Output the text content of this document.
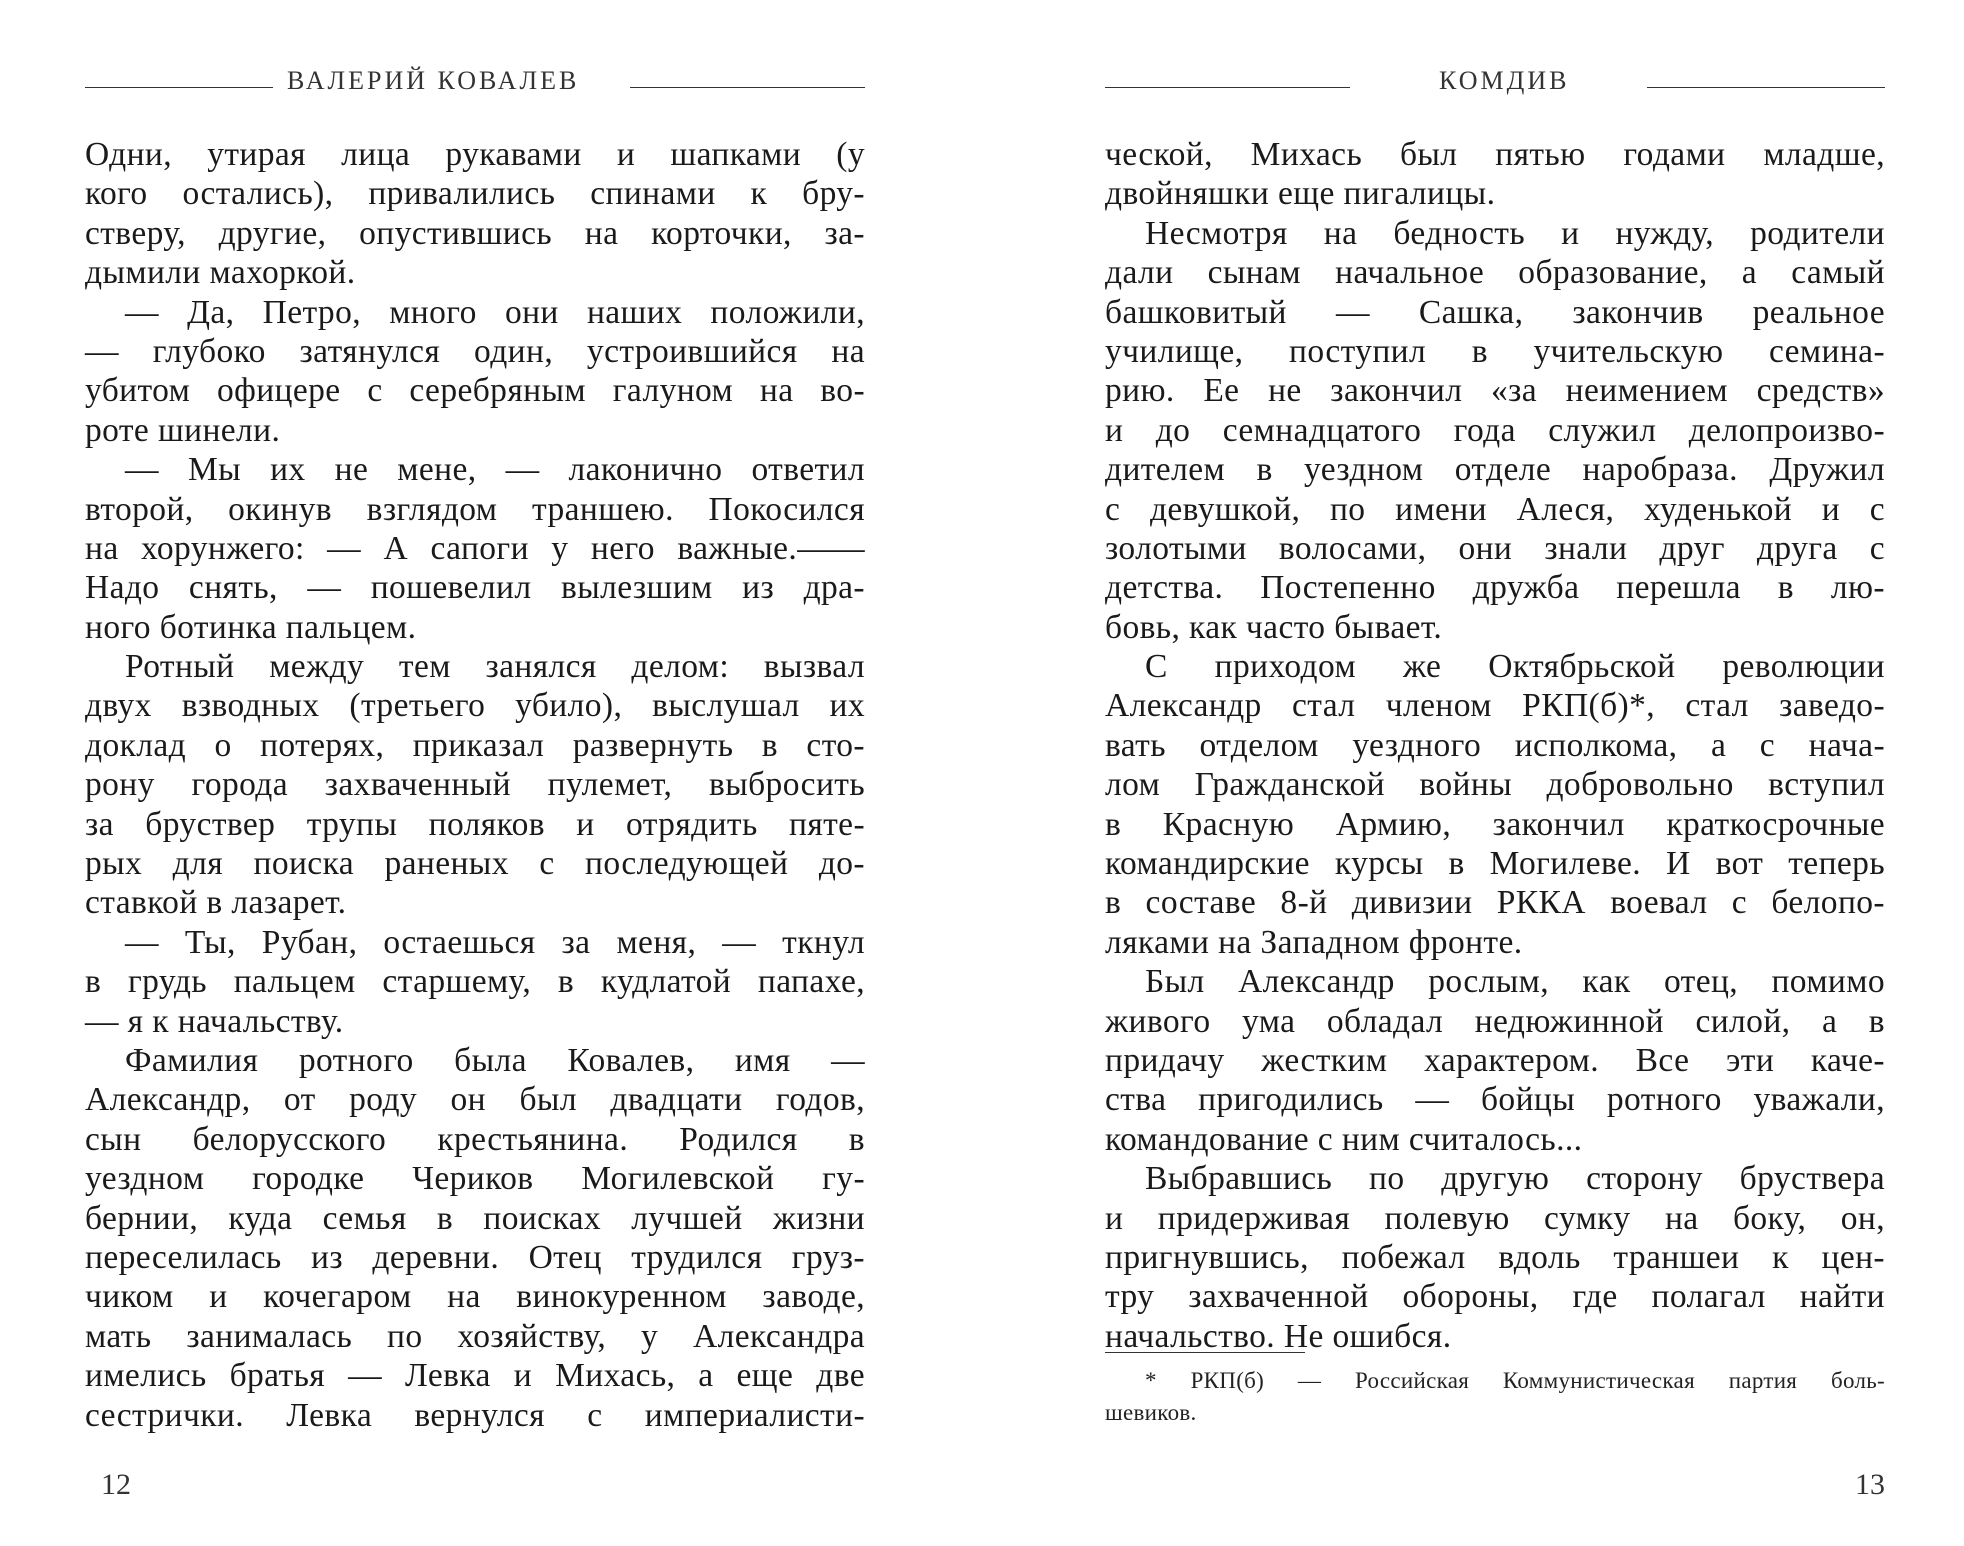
ВАЛЕРИЙ КОВАЛЕВ
Одни, утирая лица рукавами и шапками (у
кого остались), привалились спинами к бру-
стверу, другие, опустившись на корточки, за-
дымили махоркой.
— Да, Петро, много они наших положили,
— глубоко затянулся один, устроившийся на
убитом офицере с серебряным галуном на во-
роте шинели.
— Мы их не мене, — лаконично ответил
второй, окинув взглядом траншею. Покосился
на хорунжего: — А сапоги у него важные.——
Надо снять, — пошевелил вылезшим из дра-
ного ботинка пальцем.
Ротный между тем занялся делом: вызвал
двух взводных (третьего убило), выслушал их
доклад о потерях, приказал развернуть в сто-
рону города захваченный пулемет, выбросить
за бруствер трупы поляков и отрядить пяте-
рых для поиска раненых с последующей до-
ставкой в лазарет.
— Ты, Рубан, остаешься за меня, — ткнул
в грудь пальцем старшему, в кудлатой папахе,
— я к начальству.
Фамилия ротного была Ковалев, имя —
Александр, от роду он был двадцати годов,
сын белорусского крестьянина. Родился в
уездном городке Чериков Могилевской гу-
бернии, куда семья в поисках лучшей жизни
переселилась из деревни. Отец трудился груз-
чиком и кочегаром на винокуренном заводе,
мать занималась по хозяйству, у Александра
имелись братья — Левка и Михась, а еще две
сестрички. Левка вернулся с империалисти-
12
КОМДИВ
ческой, Михась был пятью годами младше,
двойняшки еще пигалицы.
Несмотря на бедность и нужду, родители
дали сынам начальное образование, а самый
башковитый — Сашка, закончив реальное
училище, поступил в учительскую семина-
рию. Ее не закончил «за неимением средств»
и до семнадцатого года служил делопроизво-
дителем в уездном отделе наробраза. Дружил
с девушкой, по имени Алеся, худенькой и с
золотыми волосами, они знали друг друга с
детства. Постепенно дружба перешла в лю-
бовь, как часто бывает.
С приходом же Октябрьской революции
Александр стал членом РКП(б)*, стал заведо-
вать отделом уездного исполкома, а с нача-
лом Гражданской войны добровольно вступил
в Красную Армию, закончил краткосрочные
командирские курсы в Могилеве. И вот теперь
в составе 8-й дивизии РККА воевал с белопо-
ляками на Западном фронте.
Был Александр рослым, как отец, помимо
живого ума обладал недюжинной силой, а в
придачу жестким характером. Все эти каче-
ства пригодились — бойцы ротного уважали,
командование с ним считалось...
Выбравшись по другую сторону бруствера
и придерживая полевую сумку на боку, он,
пригнувшись, побежал вдоль траншеи к цен-
тру захваченной обороны, где полагал найти
начальство. Не ошибся.
* РКП(б) — Российская Коммунистическая партия боль-
шевиков.
13
